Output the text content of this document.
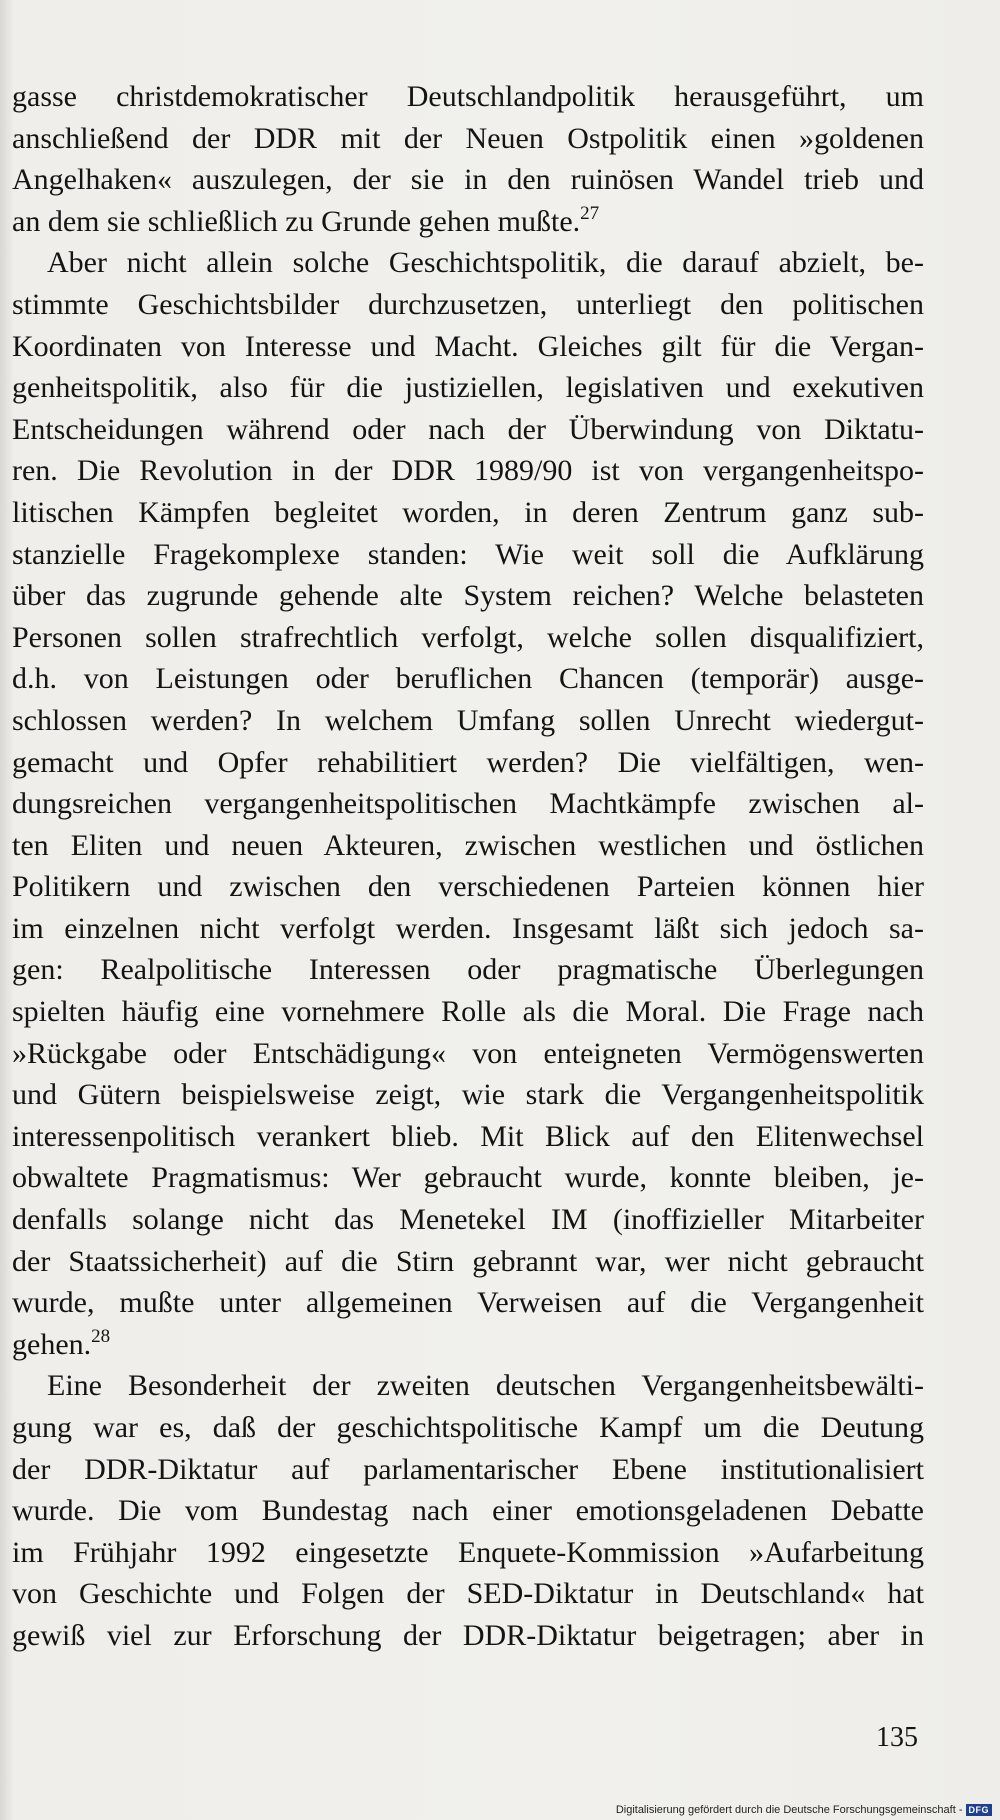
gasse christdemokratischer Deutschlandpolitik herausgeführt, um
anschließend der DDR mit der Neuen Ostpolitik einen »goldenen
Angelhaken« auszulegen, der sie in den ruinösen Wandel trieb und
an dem sie schließlich zu Grunde gehen mußte.$^{27}$
Aber nicht allein solche Geschichtspolitik, die darauf abzielt, be-
stimmte Geschichtsbilder durchzusetzen, unterliegt den politischen
Koordinaten von Interesse und Macht. Gleiches gilt für die Vergan-
genheitspolitik, also für die justiziellen, legislativen und exekutiven
Entscheidungen während oder nach der Überwindung von Diktatu-
ren. Die Revolution in der DDR 1989/90 ist von vergangenheitspo-
litischen Kämpfen begleitet worden, in deren Zentrum ganz sub-
stanzielle Fragekomplexe standen: Wie weit soll die Aufklärung
über das zugrunde gehende alte System reichen? Welche belasteten
Personen sollen strafrechtlich verfolgt, welche sollen disqualifiziert,
d.h. von Leistungen oder beruflichen Chancen (temporär) ausge-
schlossen werden? In welchem Umfang sollen Unrecht wiedergut-
gemacht und Opfer rehabilitiert werden? Die vielfältigen, wen-
dungsreichen vergangenheitspolitischen Machtkämpfe zwischen al-
ten Eliten und neuen Akteuren, zwischen westlichen und östlichen
Politikern und zwischen den verschiedenen Parteien können hier
im einzelnen nicht verfolgt werden. Insgesamt läßt sich jedoch sa-
gen: Realpolitische Interessen oder pragmatische Überlegungen
spielten häufig eine vornehmere Rolle als die Moral. Die Frage nach
»Rückgabe oder Entschädigung« von enteigneten Vermögenswerten
und Gütern beispielsweise zeigt, wie stark die Vergangenheitspolitik
interessenpolitisch verankert blieb. Mit Blick auf den Elitenwechsel
obwaltete Pragmatismus: Wer gebraucht wurde, konnte bleiben, je-
denfalls solange nicht das Menetekel IM (inoffizieller Mitarbeiter
der Staatssicherheit) auf die Stirn gebrannt war, wer nicht gebraucht
wurde, mußte unter allgemeinen Verweisen auf die Vergangenheit
gehen.$^{28}$
Eine Besonderheit der zweiten deutschen Vergangenheitsbewälti-
gung war es, daß der geschichtspolitische Kampf um die Deutung
der DDR-Diktatur auf parlamentarischer Ebene institutionalisiert
wurde. Die vom Bundestag nach einer emotionsgeladenen Debatte
im Frühjahr 1992 eingesetzte Enquete-Kommission »Aufarbeitung
von Geschichte und Folgen der SED-Diktatur in Deutschland« hat
gewiß viel zur Erforschung der DDR-Diktatur beigetragen; aber in
135
Digitalisierung gefördert durch die Deutsche Forschungsgemeinschaft - DFG
